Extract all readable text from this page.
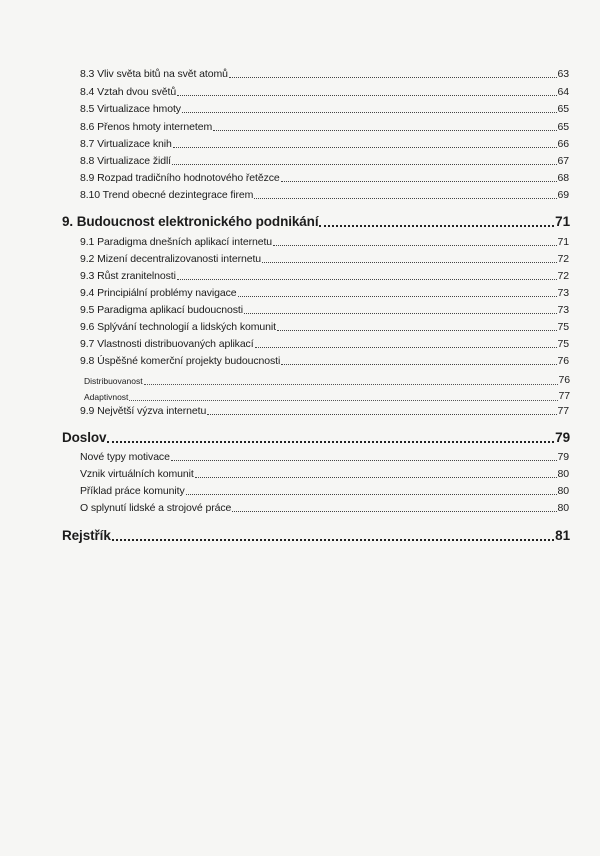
8.3 Vliv světa bitů na svět atomů	63
8.4 Vztah dvou světů	64
8.5 Virtualizace hmoty	65
8.6 Přenos hmoty internetem	65
8.7 Virtualizace knih	66
8.8 Virtualizace židlí	67
8.9 Rozpad tradičního hodnotového řetězce	68
8.10 Trend obecné dezintegrace firem	69
9. Budoucnost elektronického podnikání	71
9.1 Paradigma dnešních aplikací internetu	71
9.2 Mizení decentralizovanosti internetu	72
9.3 Růst zranitelnosti	72
9.4 Principiální problémy navigace	73
9.5 Paradigma aplikací budoucnosti	73
9.6 Splývání technologií a lidských komunit	75
9.7 Vlastnosti distribuovaných aplikací	75
9.8 Úspěšné komerční projekty budoucnosti	76
Distribuovanost	76
Adaptivnost	77
9.9 Největší výzva internetu	77
Doslov	79
Nové typy motivace	79
Vznik virtuálních komunit	80
Příklad práce komunity	80
O splynutí lidské a strojové práce	80
Rejstřík	81
